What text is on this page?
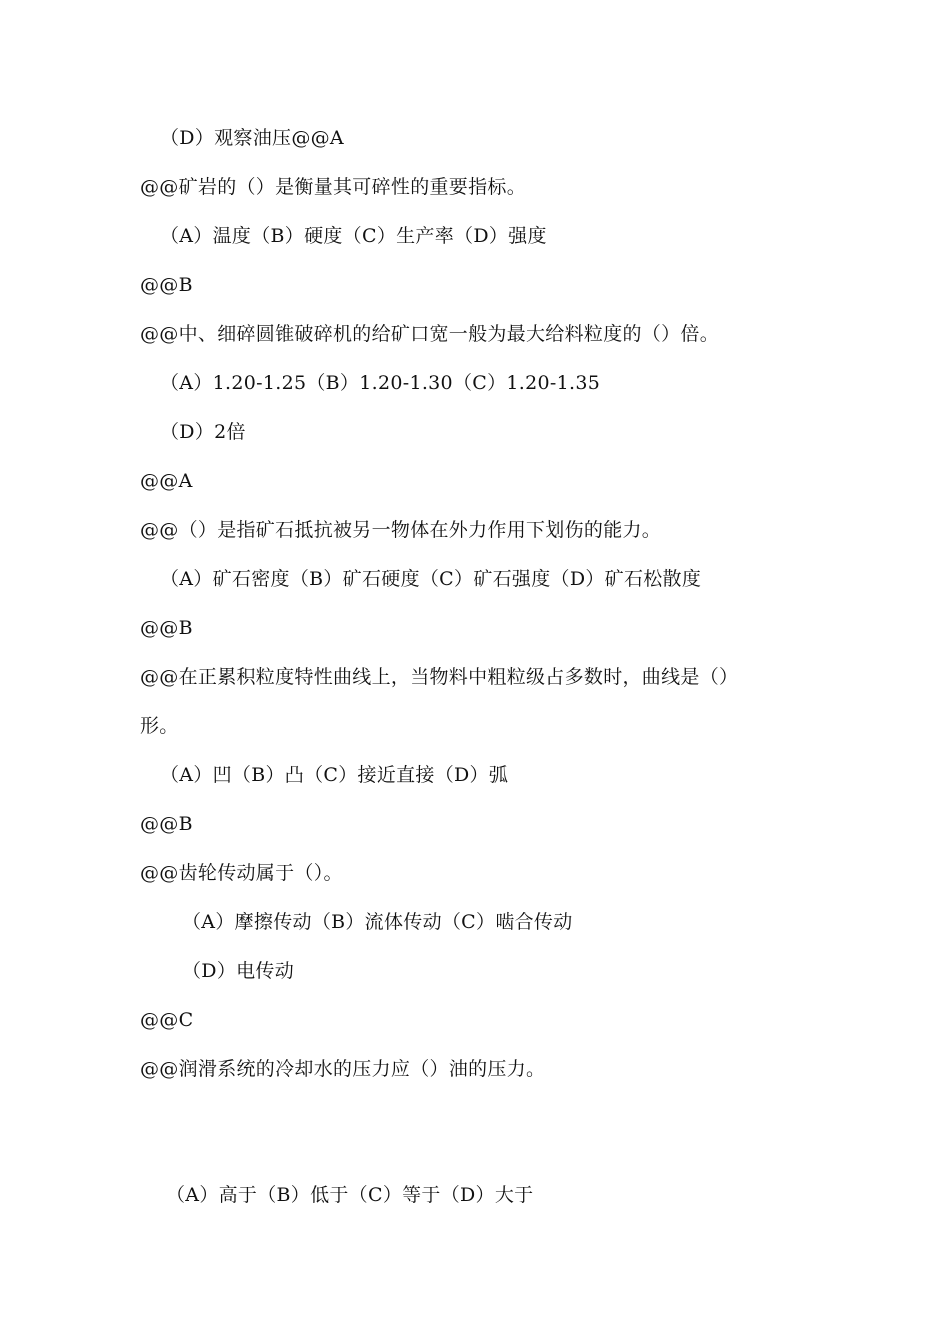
（D）观察油压@@A
@@矿岩的（）是衡量其可碎性的重要指标。
（A）温度（B）硬度（C）生产率（D）强度
@@B
@@中、细碎圆锥破碎机的给矿口宽一般为最大给料粒度的（）倍。
（A）1.20-1.25（B）1.20-1.30（C）1.20-1.35
（D）2倍
@@A
@@（）是指矿石抵抗被另一物体在外力作用下划伤的能力。
（A）矿石密度（B）矿石硬度（C）矿石强度（D）矿石松散度
@@B
@@在正累积粒度特性曲线上，当物料中粗粒级占多数时，曲线是（）
形。
（A）凹（B）凸（C）接近直接（D）弧
@@B
@@齿轮传动属于（）。
（A）摩擦传动（B）流体传动（C）啮合传动
（D）电传动
@@C
@@润滑系统的冷却水的压力应（）油的压力。
（A）高于（B）低于（C）等于（D）大于
